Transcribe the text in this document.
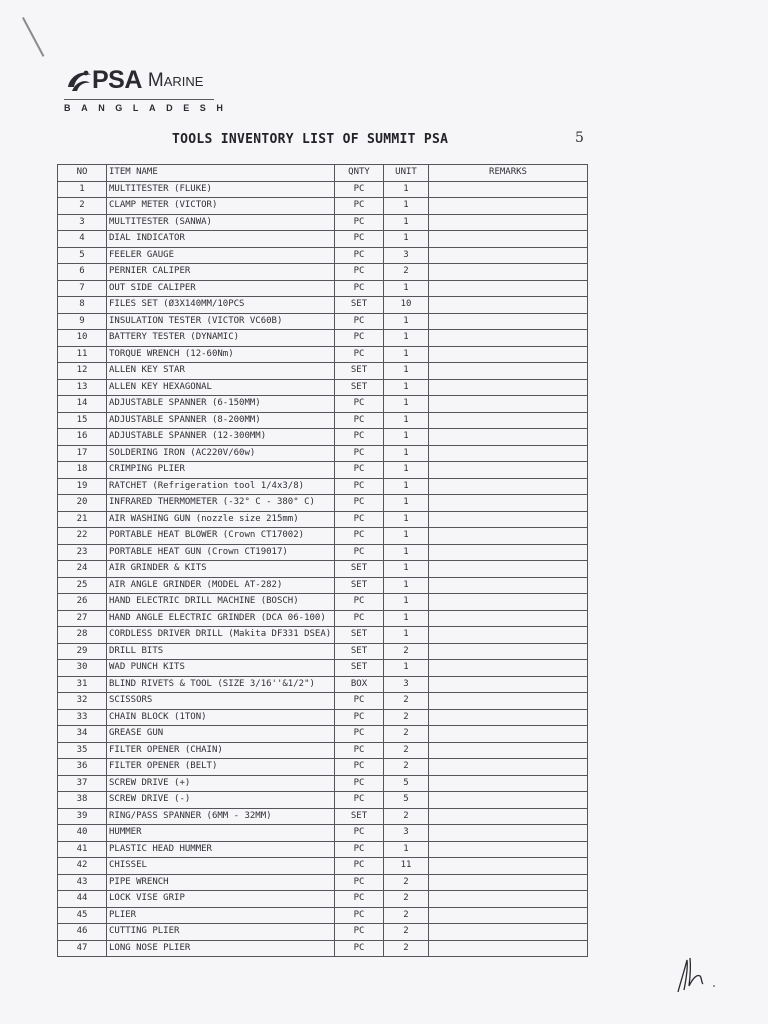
PSA Marine
BANGLADESH
TOOLS INVENTORY LIST OF SUMMIT PSA	5
NO	ITEM NAME	QNTY	UNIT	REMARKS
1	MULTITESTER (FLUKE)	PC	1	
2	CLAMP METER (VICTOR)	PC	1	
3	MULTITESTER (SANWA)	PC	1	
4	DIAL INDICATOR	PC	1	
5	FEELER GAUGE	PC	3	
6	PERNIER CALIPER	PC	2	
7	OUT SIDE CALIPER	PC	1	
8	FILES SET (Ø3X140MM/10PCS	SET	10	
9	INSULATION TESTER (VICTOR VC60B)	PC	1	
10	BATTERY TESTER (DYNAMIC)	PC	1	
11	TORQUE WRENCH (12-60Nm)	PC	1	
12	ALLEN KEY STAR	SET	1	
13	ALLEN KEY HEXAGONAL	SET	1	
14	ADJUSTABLE SPANNER (6-150MM)	PC	1	
15	ADJUSTABLE SPANNER (8-200MM)	PC	1	
16	ADJUSTABLE SPANNER (12-300MM)	PC	1	
17	SOLDERING IRON (AC220V/60w)	PC	1	
18	CRIMPING PLIER	PC	1	
19	RATCHET (Refrigeration tool 1/4x3/8)	PC	1	
20	INFRARED THERMOMETER (-32° C - 380° C)	PC	1	
21	AIR WASHING GUN (nozzle size 215mm)	PC	1	
22	PORTABLE HEAT BLOWER (Crown CT17002)	PC	1	
23	PORTABLE HEAT GUN (Crown CT19017)	PC	1	
24	AIR GRINDER & KITS	SET	1	
25	AIR ANGLE GRINDER (MODEL AT-282)	SET	1	
26	HAND ELECTRIC DRILL MACHINE (BOSCH)	PC	1	
27	HAND ANGLE ELECTRIC GRINDER (DCA 06-100)	PC	1	
28	CORDLESS DRIVER DRILL (Makita DF331 DSEA)	SET	1	
29	DRILL BITS	SET	2	
30	WAD PUNCH KITS	SET	1	
31	BLIND RIVETS & TOOL (SIZE 3/16''&1/2")	BOX	3	
32	SCISSORS	PC	2	
33	CHAIN BLOCK (1TON)	PC	2	
34	GREASE GUN	PC	2	
35	FILTER OPENER (CHAIN)	PC	2	
36	FILTER OPENER (BELT)	PC	2	
37	SCREW DRIVE (+)	PC	5	
38	SCREW DRIVE (-)	PC	5	
39	RING/PASS SPANNER (6MM - 32MM)	SET	2	
40	HUMMER	PC	3	
41	PLASTIC HEAD HUMMER	PC	1	
42	CHISSEL	PC	11	
43	PIPE WRENCH	PC	2	
44	LOCK VISE GRIP	PC	2	
45	PLIER	PC	2	
46	CUTTING PLIER	PC	2	
47	LONG NOSE PLIER	PC	2	
